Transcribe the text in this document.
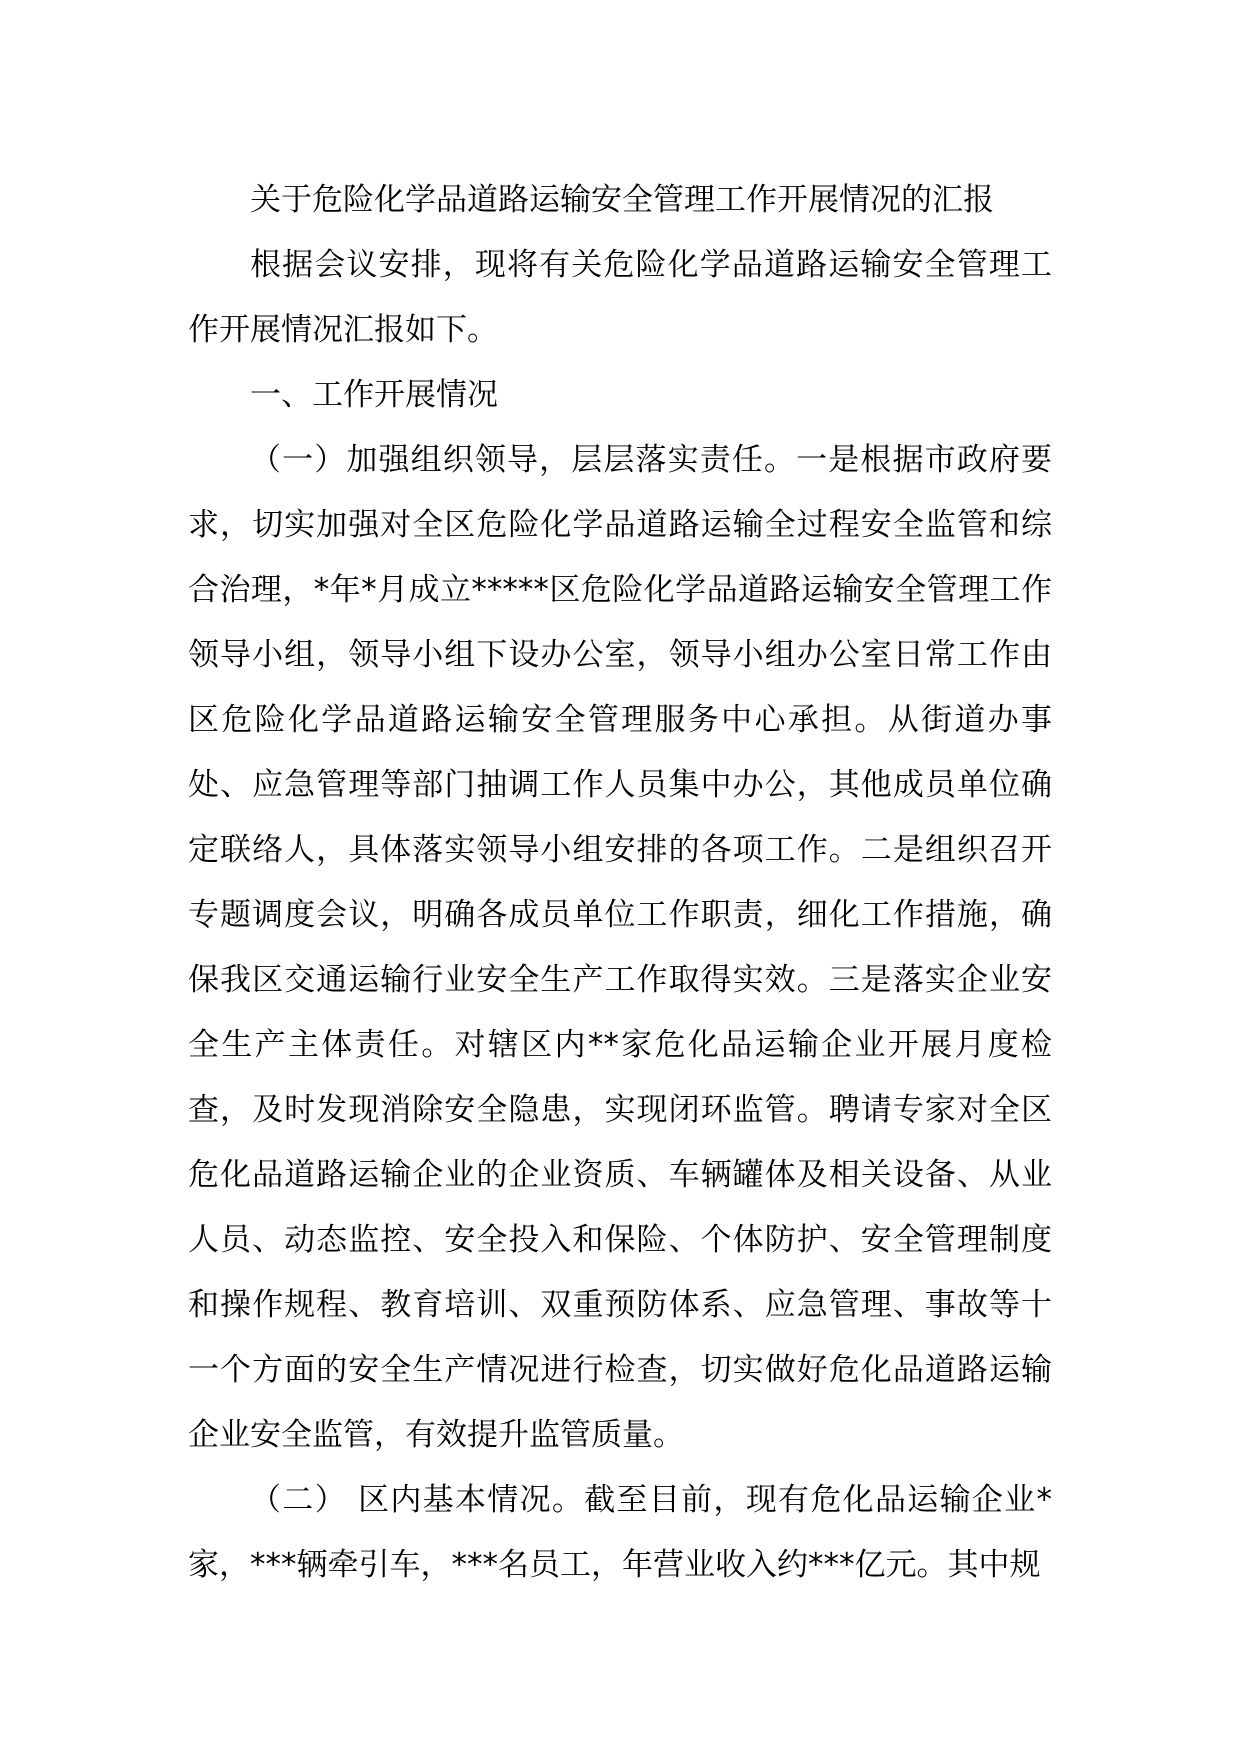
关于危险化学品道路运输安全管理工作开展情况的汇报

根据会议安排，现将有关危险化学品道路运输安全管理工作开展情况汇报如下。

一、工作开展情况

（一）加强组织领导，层层落实责任。一是根据市政府要求，切实加强对全区危险化学品道路运输全过程安全监管和综合治理，*年*月成立*****区危险化学品道路运输安全管理工作领导小组，领导小组下设办公室，领导小组办公室日常工作由区危险化学品道路运输安全管理服务中心承担。从街道办事处、应急管理等部门抽调工作人员集中办公，其他成员单位确定联络人，具体落实领导小组安排的各项工作。二是组织召开专题调度会议，明确各成员单位工作职责，细化工作措施，确保我区交通运输行业安全生产工作取得实效。三是落实企业安全生产主体责任。对辖区内**家危化品运输企业开展月度检查，及时发现消除安全隐患，实现闭环监管。聘请专家对全区危化品道路运输企业的企业资质、车辆罐体及相关设备、从业人员、动态监控、安全投入和保险、个体防护、安全管理制度和操作规程、教育培训、双重预防体系、应急管理、事故等十一个方面的安全生产情况进行检查，切实做好危化品道路运输企业安全监管，有效提升监管质量。

（二） 区内基本情况。截至目前，现有危化品运输企业*家，***辆牵引车，***名员工，年营业收入约***亿元。其中规
